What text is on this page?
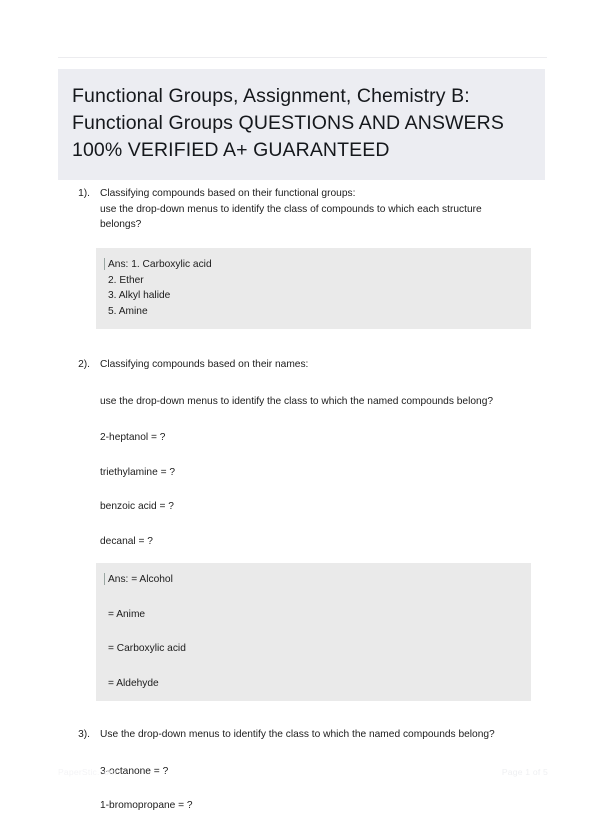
Functional Groups, Assignment, Chemistry B: Functional Groups QUESTIONS AND ANSWERS 100% VERIFIED A+ GUARANTEED
1). Classifying compounds based on their functional groups:
use the drop-down menus to identify the class of compounds to which each structure
belongs?
Ans: 1. Carboxylic acid
2. Ether
3. Alkyl halide
5. Amine
2). Classifying compounds based on their names:
use the drop-down menus to identify the class to which the named compounds belong?
2-heptanol = ?
triethylamine = ?
benzoic acid = ?
decanal = ?
Ans: = Alcohol
= Anime
= Carboxylic acid
= Aldehyde
3). Use the drop-down menus to identify the class to which the named compounds belong?
3-octanone = ?
1-bromopropane = ?
PaperStic.com	Page 1 of 5
